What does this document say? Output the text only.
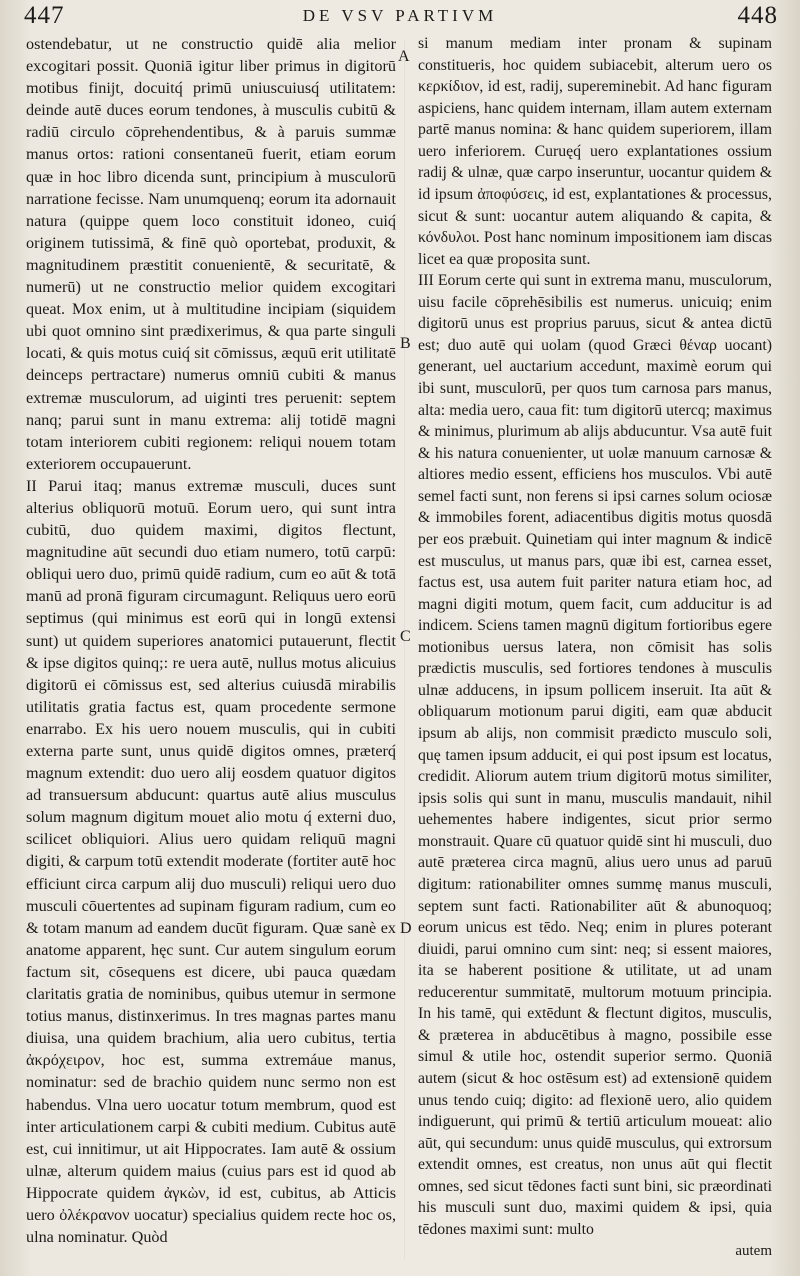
447	DE VSV PARTIVM	448
A
B
C
D

ostendebatur, ut ne constructio quidē alia melior excogitari possit. Quoniā igitur liber primus in digitorū motibus finijt, docuitq́ primū uniuscuiusq́ utilitatem: deinde autē duces eorum tendones, à musculis cubitū & radiū circulo cōprehendentibus, & à paruis summæ manus ortos: rationi consentaneū fuerit, etiam eorum quæ in hoc libro dicenda sunt, principium à musculorū narratione fecisse. Nam unumquenq; eorum ita adornauit natura (quippe quem loco constituit idoneo, cuiq́ originem tutissimā, & finē quò oportebat, produxit, & magnitudinem præstitit conuenientē, & securitatē, & numerū) ut ne constructio melior quidem excogitari queat. Mox enim, ut à multitudine incipiam (siquidem ubi quot omnino sint prædixerimus, & qua parte singuli locati, & quis motus cuiq́ sit cōmissus, æquū erit utilitatē deinceps pertractare) numerus omniū cubiti & manus extremæ musculorum, ad uiginti tres peruenit: septem nanq; parui sunt in manu extrema: alij totidē magni totam interiorem cubiti regionem: reliqui nouem totam exteriorem occupauerunt.

II Parui itaq; manus extremæ musculi, duces sunt alterius obliquorū motuū. Eorum uero, qui sunt intra cubitū, duo quidem maximi, digitos flectunt, magnitudine aūt secundi duo etiam numero, totū carpū: obliqui uero duo, primū quidē radium, cum eo aūt & totā manū ad pronā figuram circumagunt. Reliquus uero eorū septimus (qui minimus est eorū qui in longū extensi sunt) ut quidem superiores anatomici putauerunt, flectit & ipse digitos quinq;: re uera autē, nullus motus alicuius digitorū ei cōmissus est, sed alterius cuiusdā mirabilis utilitatis gratia factus est, quam procedente sermone enarrabo. Ex his uero nouem musculis, qui in cubiti externa parte sunt, unus quidē digitos omnes, præterq́ magnum extendit: duo uero alij eosdem quatuor digitos ad transuersum abducunt: quartus autē alius musculus solum magnum digitum mouet alio motu q́ externi duo, scilicet obliquiori. Alius uero quidam reliquū magni digiti, & carpum totū extendit moderate (fortiter autē hoc efficiunt circa carpum alij duo musculi) reliqui uero duo musculi cōuertentes ad supinam figuram radium, cum eo & totam manum ad eandem ducūt figuram. Quæ sanè ex anatome apparent, hęc sunt. Cur autem singulum eorum factum sit, cōsequens est dicere, ubi pauca quædam claritatis gratia de nominibus, quibus utemur in sermone totius manus, distinxerimus. In tres magnas partes manu diuisa, una quidem brachium, alia uero cubitus, tertia ἀκρόχειρον, hoc est, summa extremáue manus, nominatur: sed de brachio quidem nunc sermo non est habendus. Vlna uero uocatur totum membrum, quod est inter articulationem carpi & cubiti medium. Cubitus autē est, cui innitimur, ut ait Hippocrates. Iam autē & ossium ulnæ, alterum quidem maius (cuius pars est id quod ab Hippocrate quidem ἀγκὼν, id est, cubitus, ab Atticis uero ὀλέκρανον uocatur) specialius quidem recte hoc os, ulna nominatur. Quòd

si manum mediam inter pronam & supinam constitueris, hoc quidem subiacebit, alterum uero os κερκίδιον, id est, radij, supereminebit. Ad hanc figuram aspiciens, hanc quidem internam, illam autem externam partē manus nomina: & hanc quidem superiorem, illam uero inferiorem. Curuęq́ uero explantationes ossium radij & ulnæ, quæ carpo inseruntur, uocantur quidem & id ipsum ἀποφύσεις, id est, explantationes & processus, sicut & sunt: uocantur autem aliquando & capita, & κόνδυλοι. Post hanc nominum impositionem iam discas licet ea quæ proposita sunt.

III Eorum certe qui sunt in extrema manu, musculorum, uisu facile cōprehēsibilis est numerus. unicuiq; enim digitorū unus est proprius paruus, sicut & antea dictū est; duo autē qui uolam (quod Græci θέναρ uocant) generant, uel auctarium accedunt, maximè eorum qui ibi sunt, musculorū, per quos tum carnosa pars manus, alta: media uero, caua fit: tum digitorū utercq; maximus & minimus, plurimum ab alijs abducuntur. Vsa autē fuit & his natura conuenienter, ut uolæ manuum carnosæ & altiores medio essent, efficiens hos musculos. Vbi autē semel facti sunt, non ferens si ipsi carnes solum ociosæ & immobiles forent, adiacentibus digitis motus quosdā per eos præbuit. Quinetiam qui inter magnum & indicē est musculus, ut manus pars, quæ ibi est, carnea esset, factus est, usa autem fuit pariter natura etiam hoc, ad magni digiti motum, quem facit, cum adducitur is ad indicem. Sciens tamen magnū digitum fortioribus egere motionibus uersus latera, non cōmisit has solis prædictis musculis, sed fortiores tendones à musculis ulnæ adducens, in ipsum pollicem inseruit. Ita aūt & obliquarum motionum parui digiti, eam quæ abducit ipsum ab alijs, non commisit prædicto musculo soli, quę tamen ipsum adducit, ei qui post ipsum est locatus, credidit. Aliorum autem trium digitorū motus similiter, ipsis solis qui sunt in manu, musculis mandauit, nihil uehementes habere indigentes, sicut prior sermo monstrauit. Quare cū quatuor quidē sint hi musculi, duo autē præterea circa magnū, alius uero unus ad paruū digitum: rationabiliter omnes summę manus musculi, septem sunt facti. Rationabiliter aūt & abunoquoq; eorum unicus est tēdo. Neq; enim in plures poterant diuidi, parui omnino cum sint: neq; si essent maiores, ita se haberent positione & utilitate, ut ad unam reducerentur summitatē, multorum motuum principia. In his tamē, qui extēdunt & flectunt digitos, musculis, & præterea in abducētibus à magno, possibile esse simul & utile hoc, ostendit superior sermo. Quoniā autem (sicut & hoc ostēsum est) ad extensionē quidem unus tendo cuiq; digito: ad flexionē uero, alio quidem indiguerunt, qui primū & tertiū articulum moueat: alio aūt, qui secundum: unus quidē musculus, qui extrorsum extendit omnes, est creatus, non unus aūt qui flectit omnes, sed sicut tēdones facti sunt bini, sic præordinati his musculi sunt duo, maximi quidem & ipsi, quia tēdones maximi sunt: multo

autem
